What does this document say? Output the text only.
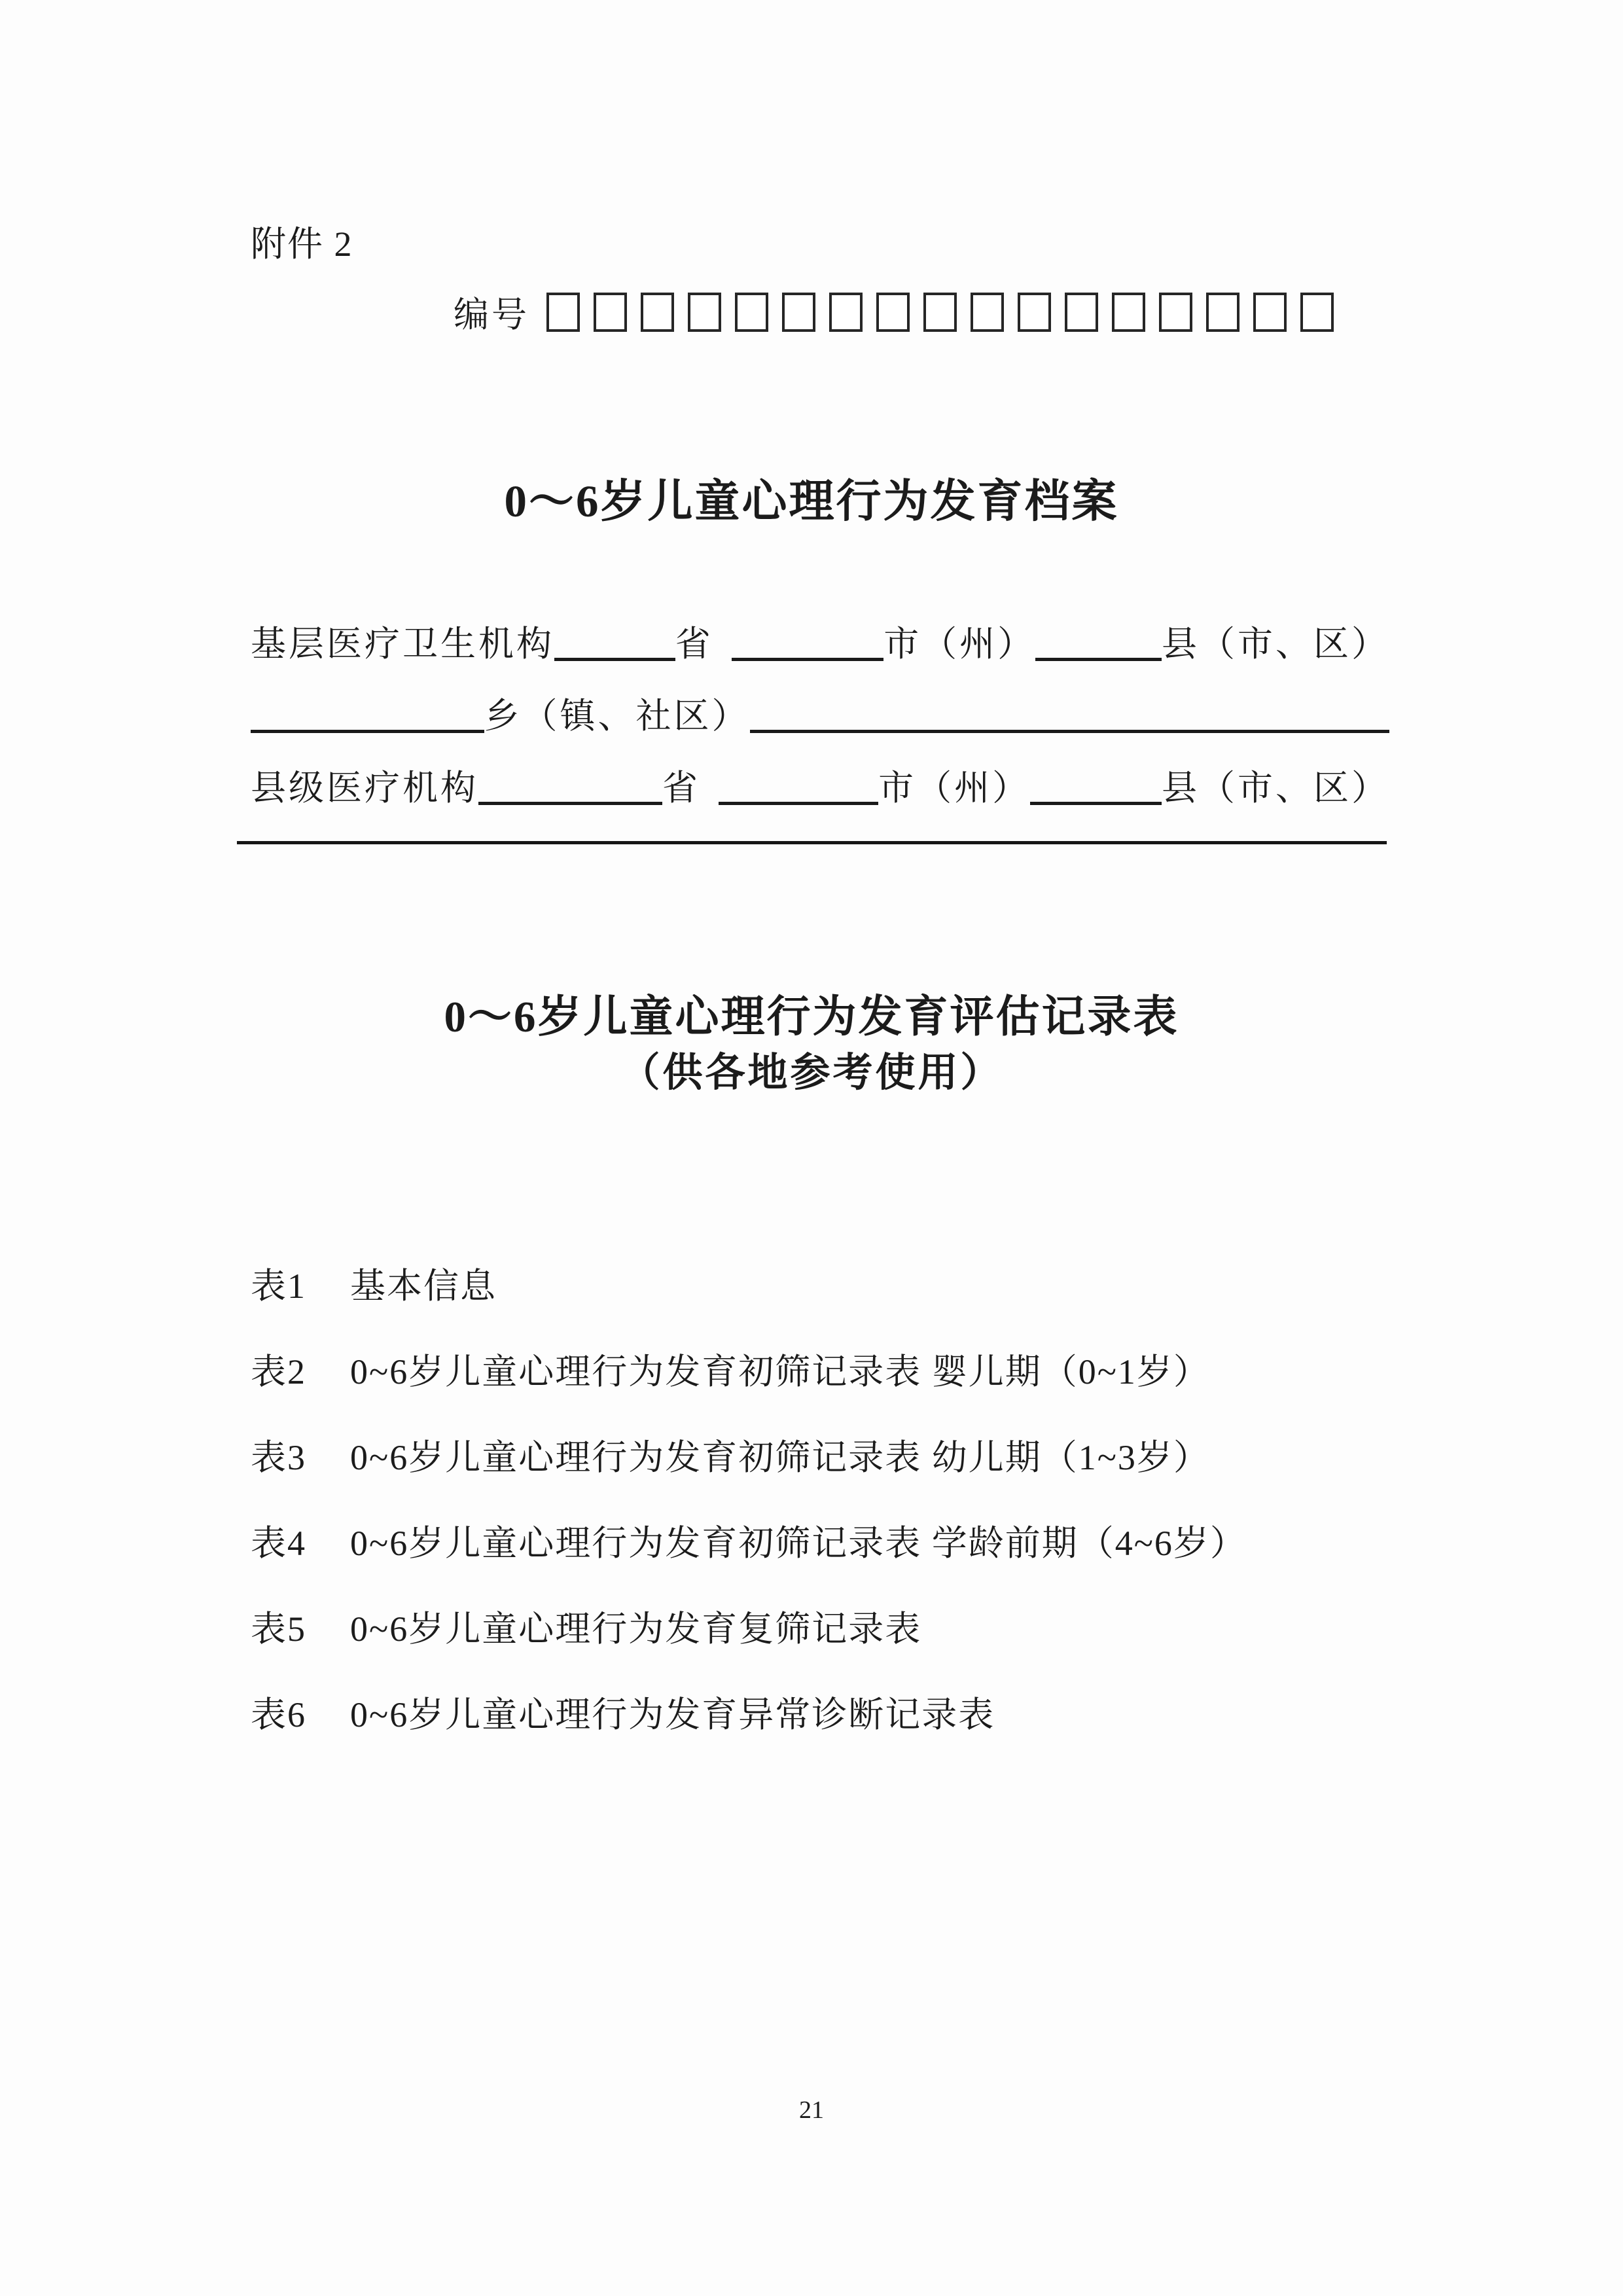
附件 2
编号
0～6岁儿童心理行为发育档案
基层医疗卫生机构	省	市（州）	县（市、区）
乡（镇、社区）
县级医疗机构	省	市（州）	县（市、区）
0～6岁儿童心理行为发育评估记录表
（供各地参考使用）
表1	基本信息
表2	0~6岁儿童心理行为发育初筛记录表 婴儿期（0~1岁）
表3	0~6岁儿童心理行为发育初筛记录表 幼儿期（1~3岁）
表4	0~6岁儿童心理行为发育初筛记录表 学龄前期（4~6岁）
表5	0~6岁儿童心理行为发育复筛记录表
表6	0~6岁儿童心理行为发育异常诊断记录表
21
